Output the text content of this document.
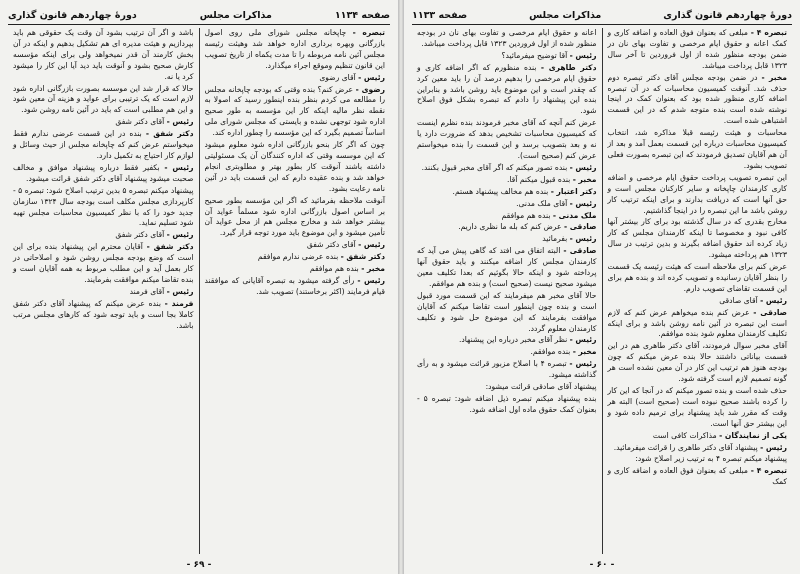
صفحه ۱۱۳۴
مذاکرات مجلس
دورهٔ چهاردهم قانون گذاری

تبصره - چاپخانه مجلس شورای ملی روی اصول بازرگانی وبهره برداری اداره خواهد شد وهیئت رئیسه مجلس آئین نامه مربوطه را تا مدت یکماه از تاریخ تصویب این قانون تنظیم وموقع اجراء میگذارد.

رئیس - آقای رضوی

رضوی - عرض کنم؟ بنده وقتی که بودجه چاپخانه مجلس را مطالعه می کردم بنظر بنده اینطور رسید که اصولا به نقطه نظر مالیه اینکه کار این مؤسسه به طور صحیح اداره شود توجهی نشده و بایستی که مجلس شورای ملی اساساً تصمیم بگیرد که این مؤسسه را چطور اداره کند.

چون که اگر کار بنحو بازرگانی اداره شود معلوم میشود که این موسسه وقتی که اداره کنندگان آن یک مسئولیتی داشته باشند آنوقت کار بطور بهتر و مطلوبتری انجام خواهد شد و بنده عقیده دارم که این قسمت باید در آئین نامه رعایت بشود.

آنوقت ملاحظه بفرمائید که اگر این مؤسسه بطور صحیح بر اساس اصول بازرگانی اداره شود مسلماً عواید آن بیشتر خواهد شد و مخارج مجلس هم از محل عواید آن تأمین میشود و این موضوع باید مورد توجه قرار گیرد.

رئیس - آقای دکتر شفق

دکتر شفق - بنده عرضی ندارم موافقم

مخبر - بنده هم موافقم

رئیس - رأی گرفته میشود به تبصره آقایانی که موافقند قیام فرمایند (اکثر برخاستند) تصویب شد.

باشد و اگر آن ترتیب بشود آن وقت یک حقوقی هم باید بپردازیم و هیئت مدیره ای هم تشکیل بدهیم و اینکه در آن بخش کارمند آن قدر نمیخواهد ولی برای اینکه مؤسسه کارش صحیح بشود و آنوقت باید دید آیا این کار را میشود کرد یا نه.

حالا که قرار شد این موسسه بصورت بازرگانی اداره شود لازم است که یک ترتیبی برای عواید و هزینه آن معین شود و این هم مطلبی است که باید در آئین نامه روشن شود.

رئیس - آقای دکتر شفق

دکتر شفق - بنده در این قسمت عرضی ندارم فقط میخواستم عرض کنم که چاپخانه مجلس از حیث وسائل و لوازم کار احتیاج به تکمیل دارد.

رئیس - بکفیر فقط درباره پیشنهاد موافق و مخالف صحبت میشود پیشنهاد آقای دکتر شفق قرائت میشود.

پیشنهاد میکنم تبصره ۵ بدین ترتیب اصلاح شود: تبصره ۵ - کارپردازی مجلس مکلف است بودجه سال ۱۳۲۴ سازمان جدید خود را که با نظر کمیسیون محاسبات مجلس تهیه شود تسلیم نماید.

رئیس - آقای دکتر شفق

دکتر شفق - آقایان محترم این پیشنهاد بنده برای این است که وضع بودجه مجلس روشن شود و اصلاحاتی در کار بعمل آید و این مطلب مربوط به همه آقایان است و بنده تقاضا میکنم موافقت بفرمایند.

رئیس - آقای فرمند

فرمند - بنده عرض میکنم که پیشنهاد آقای دکتر شفق کاملا بجا است و باید توجه شود که کارهای مجلس مرتب باشد.

- ۶۹ -
دورهٔ چهاردهم قانون گذاری
مذاکرات مجلس
صفحه ۱۱۳۳

تبصره ۴ - مبلغی که بعنوان فوق العاده و اضافه کاری و کمک اعانه و حقوق ایام مرخصی و تفاوت بهای نان در ضمن بودجه منظور شده از اول فروردین تا آخر سال ۱۳۲۳ قابل پرداخت میباشد.

مخبر - در ضمن بودجه مجلس آقای دکتر تبصره دوم حذف شد. آنوقت کمیسیون محاسبات که در آن تبصره اضافه کاری منظور شده بود که بعنوان کمک در اینجا نوشته شده است بنده متوجه شدم که در این قسمت اشتباهی شده است.

محاسبات و هیئت رئیسه قبلا مذاکره شد، انتخاب کمیسیون محاسبات درباره این قسمت بعمل آمد و بعد از آن هم آقایان تصدیق فرمودند که این تبصره بصورت فعلی تصویب بشود.

این تبصره تصویب پرداخت حقوق ایام مرخصی و اضافه کاری کارمندان چاپخانه و سایر کارکنان مجلس است و حق آنها است که دریافت بدارند و برای اینکه ترتیب کار روشن باشد ما این تبصره را در اینجا گذاشتیم.

مخارج بقدری که در سال گذشته بود برای کار بیشتر آنها کافی نبود و مخصوصا تا اینکه کارمندان مجلس که کار زیاد کرده اند حقوق اضافه بگیرند و بدین ترتیب در سال ۱۳۲۳ هم پرداخته میشود.

عرض کنم برای ملاحظه است که هیئت رئیسه یک قسمت را بنظر آقایان رسانیده و تصویب کرده اند و بنده هم برای این قسمت تقاضای تصویب دارم.

رئیس - آقای صادقی

صادقی - عرض کنم بنده میخواهم عرض کنم که لازم است این تبصره در آئین نامه روشن باشد و برای اینکه تکلیف کارمندان معلوم شود بنده موافقم.

آقای مخبر سوال فرمودند، آقای دکتر طاهری هم در این قسمت بیاناتی داشتند حالا بنده عرض میکنم که چون بودجه هنوز هم ترتیب این کار در آن معین نشده است هر گونه تصمیم لازم است گرفته شود.

حذف شده است و بنده تصور میکنم که در آنجا که این کار را کرده باشند صحیح نبوده است (صحیح است) البته هر وقت که مقرر شد باید پیشنهاد برای ترمیم داده شود و این بیشتر حق آنها است.

یکی از نمایندگان - مذاکرات کافی است

رئیس - پیشنهاد آقای دکتر طاهری را قرائت میفرمائید.

پیشنهاد میکنم تبصره ۴ به ترتیب زیر اصلاح شود:

تبصره ۴ - مبلغی که بعنوان فوق العاده و اضافه کاری و کمک

اعانه و حقوق ایام مرخصی و تفاوت بهای نان در بودجه منظور شده از اول فروردین ۱۳۲۳ قابل پرداخت میباشد.

رئیس - آقا توضیح میفرمائید؟

دکتر طاهری - بنده منظورم که اگر اضافه کاری و حقوق ایام مرخصی را بدهیم درصد آن را باید معین کرد که چقدر است و این موضوع باید روشن باشد و بنابراین بنده این پیشنهاد را دادم که تبصره بشکل فوق اصلاح شود.

عرض کنم آنچه که آقای مخبر فرمودند بنده نظرم اینست که کمیسیون محاسبات تشخیص بدهد که ضرورت دارد یا نه و بعد بتصویب برسد و این قسمت را بنده میخواستم عرض کنم (صحیح است).

رئیس - بنده تصور میکنم که اگر آقای مخبر قبول بکنند.

مخبر - بنده قبول میکنم آقا.

دکتر اعتبار - بنده هم مخالف پیشنهاد هستم.

رئیس - آقای ملک مدنی.

ملک مدنی - بنده هم موافقم

صادقی - عرض کنم که بله ما نظری داریم.

رئیس - بفرمائید

صادقی - البته اتفاق می افتد که گاهی پیش می آید که کارمندان مجلس کار اضافه میکنند و باید حقوق آنها پرداخته شود و اینکه حالا بگوئیم که بعدا تکلیف معین میشود صحیح نیست (صحیح است) و بنده هم موافقم.

حالا آقای مخبر هم میفرمایند که این قسمت مورد قبول است و بنده چون اینطور است تقاضا میکنم که آقایان موافقت بفرمایند که این موضوع حل شود و تکلیف کارمندان معلوم گردد.

رئیس - نظر آقای مخبر درباره این پیشنهاد.

مخبر - بنده موافقم.

رئیس - تبصره ۴ با اصلاح مزبور قرائت میشود و به رأی گذاشته میشود.

پیشنهاد آقای صادقی قرائت میشود:

بنده پیشنهاد میکنم تبصره ذیل اضافه شود: تبصره ۵ - بعنوان کمک حقوق ماده اول اضافه شود.

- ۶۰ -
